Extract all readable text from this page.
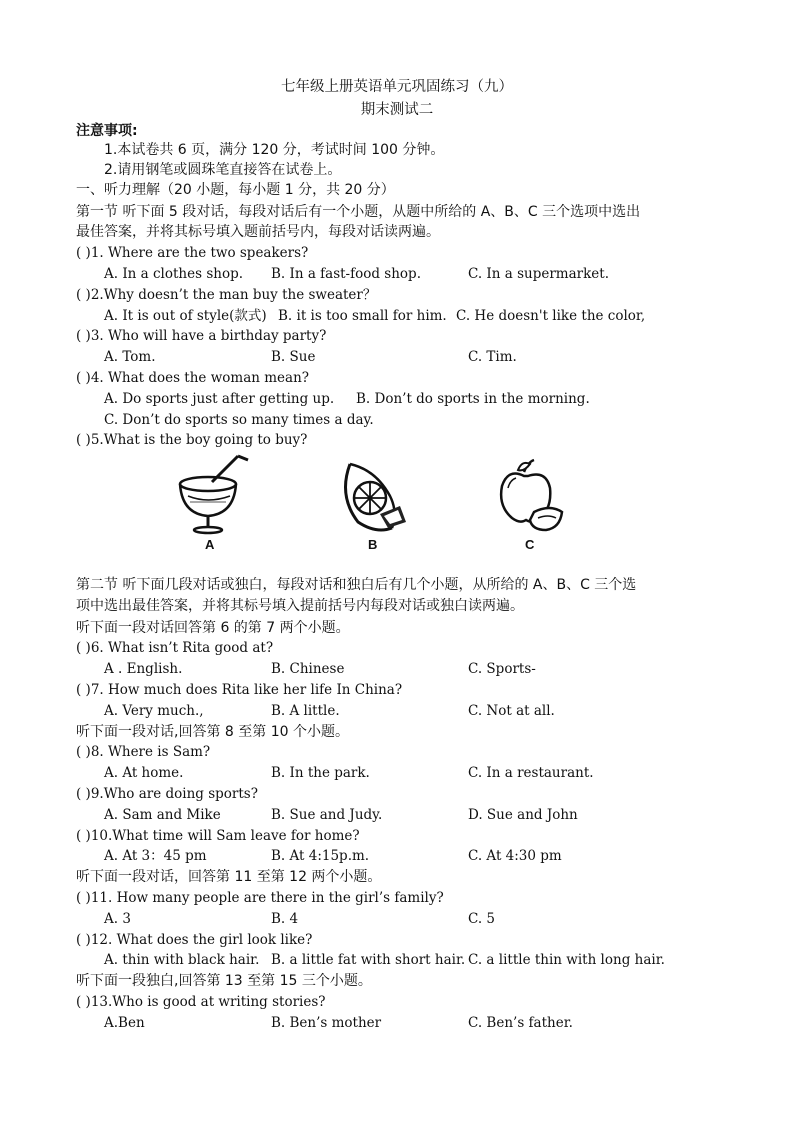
七年级上册英语单元巩固练习（九）
期末测试二
注意事项:
1.本试卷共 6 页，满分 120 分，考试时间 100 分钟。
2.请用钢笔或圆珠笔直接答在试卷上。
一、听力理解（20 小题，每小题 1 分，共 20 分）
第一节 听下面 5 段对话，每段对话后有一个小题，从题中所给的 A、B、C 三个选项中选出
最佳答案，并将其标号填入题前括号内，每段对话读两遍。
( )1. Where are the two speakers?
A. In a clothes shop. B. In a fast-food shop.	C. In a supermarket.
( )2.Why doesn’t the man buy the sweater？
A. It is out of style(款式) B. it is too small for him. C. He doesn't like the color,
( )3. Who will have a birthday party?
A. Tom.	B. Sue	C. Tim.
( )4. What does the woman mean?
A. Do sports just after getting up. B. Don’t do sports in the morning.
C. Don’t do sports so many times a day.
( )5.What is the boy going to buy?
A	B	C
第二节 听下面几段对话或独白，每段对话和独白后有几个小题，从所给的 A、B、C 三个选
项中选出最佳答案，并将其标号填入提前括号内每段对话或独白读两遍。
听下面一段对话回答第 6 的第 7 两个小题。
( )6. What isn’t Rita good at?
A . English.	B. Chinese	C. Sports-
( )7. How much does Rita like her life In China?
A. Very much.,	B. A little.	C. Not at all.
听下面一段对话,回答第 8 至第 10 个小题。
( )8. Where is Sam?
A. At home.	B. In the park.	C. In a restaurant.
( )9.Who are doing sports?
A. Sam and Mike	B. Sue and Judy.	D. Sue and John
( )10.What time will Sam leave for home?
A. At 3：45 pm	B. At 4:15p.m.	C. At 4:30 pm
听下面一段对话，回答第 11 至第 12 两个小题。
( )11. How many people are there in the girl’s family?
A. 3	B. 4	C. 5
( )12. What does the girl look like?
A. thin with black hair. B. a little fat with short hair. C. a little thin with long hair.
听下面一段独白,回答第 13 至第 15 三个小题。
( )13.Who is good at writing stories?
A.Ben	B. Ben’s mother	C. Ben’s father.
